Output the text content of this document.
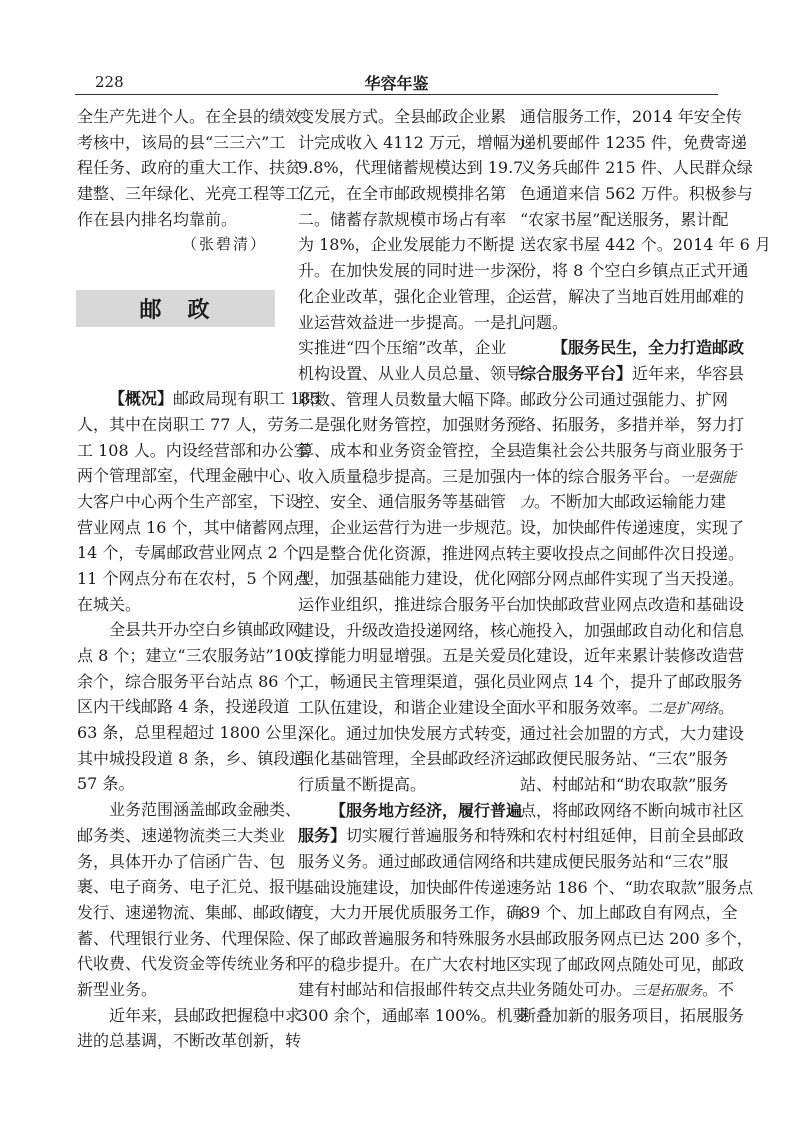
228	华容年鉴
邮　政
全生产先进个人。在全县的绩效
考核中，该局的县“三三六”工
程任务、政府的重大工作、扶贫
建整、三年绿化、光亮工程等工
作在县内排名均靠前。
（张碧清）
【概况】邮政局现有职工 185
人，其中在岗职工 77 人，劳务
工 108 人。内设经营部和办公室
两个管理部室，代理金融中心、
大客户中心两个生产部室，下设
营业网点 16 个，其中储蓄网点
14 个，专属邮政营业网点 2 个，
11 个网点分布在农村，5 个网点
在城关。
全县共开办空白乡镇邮政网
点 8 个；建立“三农服务站”100
余个，综合服务平台站点 86 个，
区内干线邮路 4 条，投递段道
63 条，总里程超过 1800 公里，
其中城投段道 8 条，乡、镇段道
57 条。
业务范围涵盖邮政金融类、
邮务类、速递物流类三大类业
务，具体开办了信函广告、包
裹、电子商务、电子汇兑、报刊
发行、速递物流、集邮、邮政储
蓄、代理银行业务、代理保险、
代收费、代发资金等传统业务和
新型业务。
近年来，县邮政把握稳中求
进的总基调，不断改革创新，转
变发展方式。全县邮政企业累
计完成收入 4112 万元，增幅为
9.8%，代理储蓄规模达到 19.7
亿元，在全市邮政规模排名第
二。储蓄存款规模市场占有率
为 18%，企业发展能力不断提
升。在加快发展的同时进一步深
化企业改革，强化企业管理，企
业运营效益进一步提高。一是扎
实推进“四个压缩”改革，企业
机构设置、从业人员总量、领导
职数、管理人员数量大幅下降。
二是强化财务管控，加强财务预
算、成本和业务资金管控，全县
收入质量稳步提高。三是加强内
控、安全、通信服务等基础管
理，企业运营行为进一步规范。
四是整合优化资源，推进网点转
型，加强基础能力建设，优化网
运作业组织，推进综合服务平台
建设，升级改造投递网络，核心
支撑能力明显增强。五是关爱员
工，畅通民主管理渠道，强化员
工队伍建设，和谐企业建设全面
深化。通过加快发展方式转变，
强化基础管理，全县邮政经济运
行质量不断提高。
【服务地方经济，履行普遍
服务】切实履行普遍服务和特殊
服务义务。通过邮政通信网络和
基础设施建设，加快邮件传递速
度，大力开展优质服务工作，确
保了邮政普遍服务和特殊服务水
平的稳步提升。在广大农村地区
建有村邮站和信报邮件转交点共
300 余个，通邮率 100%。机要
通信服务工作，2014 年安全传
递机要邮件 1235 件，免费寄递
义务兵邮件 215 件、人民群众绿
色通道来信 562 万件。积极参与
“农家书屋”配送服务，累计配
送农家书屋 442 个。2014 年 6 月
份，将 8 个空白乡镇点正式开通
运营，解决了当地百姓用邮难的
问题。
【服务民生，全力打造邮政
综合服务平台】近年来，华容县
邮政分公司通过强能力、扩网
络、拓服务，多措并举，努力打
造集社会公共服务与商业服务于
一体的综合服务平台。一是强能
力。不断加大邮政运输能力建
设，加快邮件传递速度，实现了
主要收投点之间邮件次日投递。
部分网点邮件实现了当天投递。
加快邮政营业网点改造和基础设
施投入，加强邮政自动化和信息
化建设，近年来累计装修改造营
业网点 14 个，提升了邮政服务
水平和服务效率。二是扩网络。
通过社会加盟的方式，大力建设
邮政便民服务站、“三农”服务
站、村邮站和“助农取款”服务
点，将邮政网络不断向城市社区
和农村村组延伸，目前全县邮政
共建成便民服务站和“三农”服
务站 186 个、“助农取款”服务点
89 个、加上邮政自有网点，全
县邮政服务网点已达 200 多个，
实现了邮政网点随处可见，邮政
业务随处可办。三是拓服务。不
断叠加新的服务项目，拓展服务
